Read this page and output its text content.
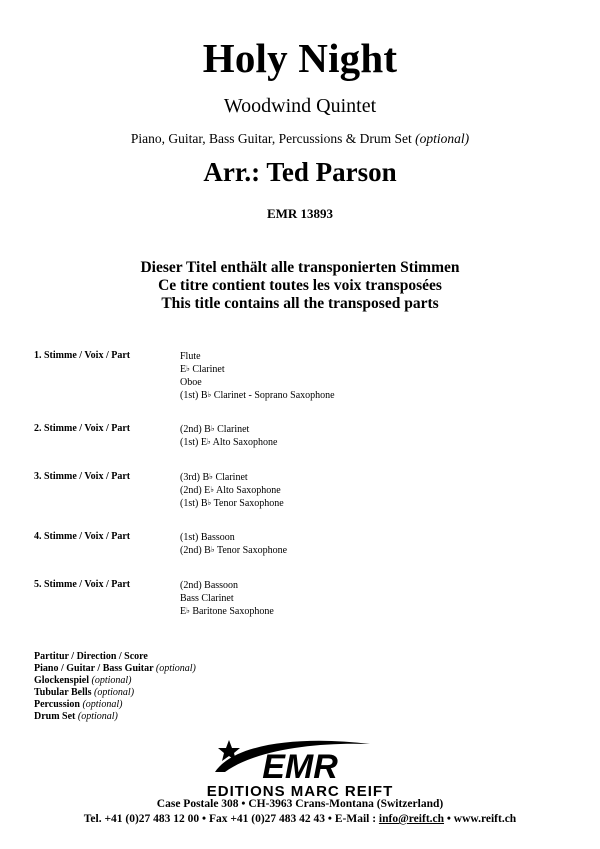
Holy Night
Woodwind Quintet
Piano, Guitar, Bass Guitar, Percussions & Drum Set (optional)
Arr.: Ted Parson
EMR 13893
Dieser Titel enthält alle transponierten Stimmen
Ce titre contient toutes les voix transposées
This title contains all the transposed parts
1. Stimme / Voix / Part	Flute
E♭ Clarinet
Oboe
(1st) B♭ Clarinet - Soprano Saxophone
2. Stimme / Voix / Part	(2nd) B♭ Clarinet
(1st) E♭ Alto Saxophone
3. Stimme / Voix / Part	(3rd) B♭ Clarinet
(2nd) E♭ Alto Saxophone
(1st) B♭ Tenor Saxophone
4. Stimme / Voix / Part	(1st) Bassoon
(2nd) B♭ Tenor Saxophone
5. Stimme / Voix / Part	(2nd) Bassoon
Bass Clarinet
E♭ Baritone Saxophone
Partitur / Direction / Score
Piano / Guitar / Bass Guitar (optional)
Glockenspiel (optional)
Tubular Bells (optional)
Percussion (optional)
Drum Set (optional)
EMR
EDITIONS MARC REIFT
Case Postale 308 • CH-3963 Crans-Montana (Switzerland)
Tel. +41 (0)27 483 12 00 • Fax +41 (0)27 483 42 43 • E-Mail : info@reift.ch • www.reift.ch
